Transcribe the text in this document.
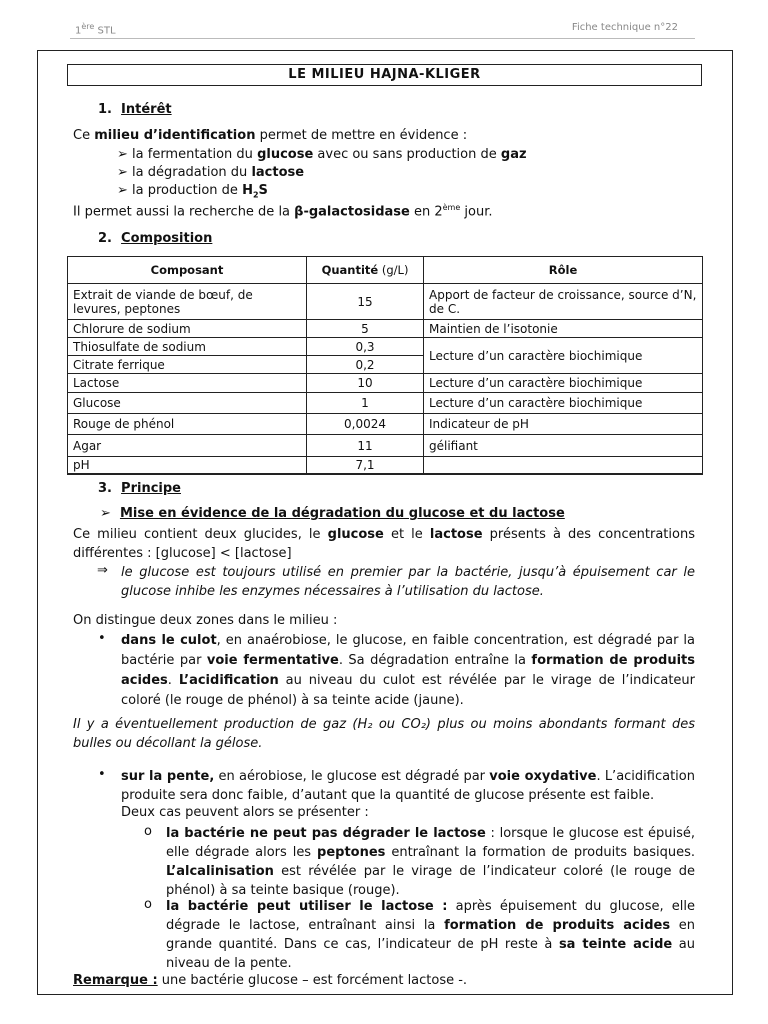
1ère STL	Fiche technique n°22
LE MILIEU HAJNA-KLIGER
1. Intérêt
Ce milieu d’identification permet de mettre en évidence :
➢ la fermentation du glucose avec ou sans production de gaz
➢ la dégradation du lactose
➢ la production de $H_2S$
Il permet aussi la recherche de la β-galactosidase en 2ème jour.
2. Composition
Composant	Quantité (g/L)	Rôle
Extrait de viande de bœuf, de levures, peptones	15	Apport de facteur de croissance, source d’N, de C.
Chlorure de sodium	5	Maintien de l’isotonie
Thiosulfate de sodium	0,3	Lecture d’un caractère biochimique
Citrate ferrique	0,2	
Lactose	10	Lecture d’un caractère biochimique
Glucose	1	Lecture d’un caractère biochimique
Rouge de phénol	0,0024	Indicateur de pH
Agar	11	gélifiant
pH	7,1	
3. Principe
➢  Mise en évidence de la dégradation du glucose et du lactose
Ce milieu contient deux glucides, le glucose et le lactose présents à des concentrations différentes : [glucose] < [lactose]
⇒ le glucose est toujours utilisé en premier par la bactérie, jusqu’à épuisement car le glucose inhibe les enzymes nécessaires à l’utilisation du lactose.
On distingue deux zones dans le milieu :
• dans le culot, en anaérobiose, le glucose, en faible concentration, est dégradé par la bactérie par voie fermentative. Sa dégradation entraîne la formation de produits acides. L’acidification au niveau du culot est révélée par le virage de l’indicateur coloré (le rouge de phénol) à sa teinte acide (jaune).
Il y a éventuellement production de gaz (H₂ ou CO₂) plus ou moins abondants formant des bulles ou décollant la gélose.
• sur la pente, en aérobiose, le glucose est dégradé par voie oxydative. L’acidification produite sera donc faible, d’autant que la quantité de glucose présente est faible.
Deux cas peuvent alors se présenter :
o la bactérie ne peut pas dégrader le lactose : lorsque le glucose est épuisé, elle dégrade alors les peptones entraînant la formation de produits basiques. L’alcalinisation est révélée par le virage de l’indicateur coloré (le rouge de phénol) à sa teinte basique (rouge).
o la bactérie peut utiliser le lactose : après épuisement du glucose, elle dégrade le lactose, entraînant ainsi la formation de produits acides en grande quantité. Dans ce cas, l’indicateur de pH reste à sa teinte acide au niveau de la pente.
Remarque : une bactérie glucose – est forcément lactose -.
